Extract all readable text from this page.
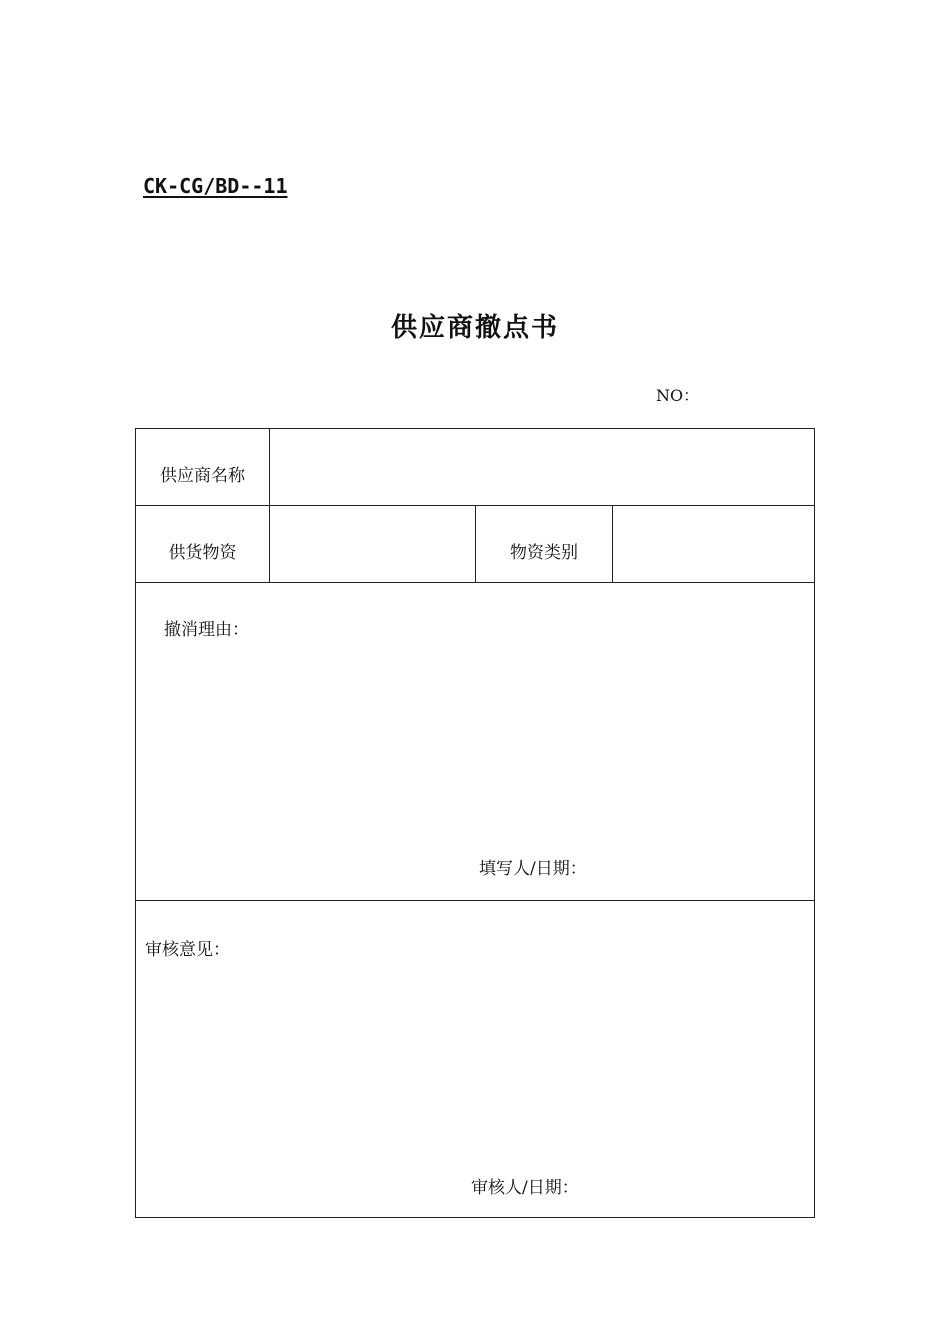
CK-CG/BD--11
供应商撤点书
NO：
供应商名称
供货物资	物资类别
撤消理由：
填写人/日期：
审核意见：
审核人/日期：
